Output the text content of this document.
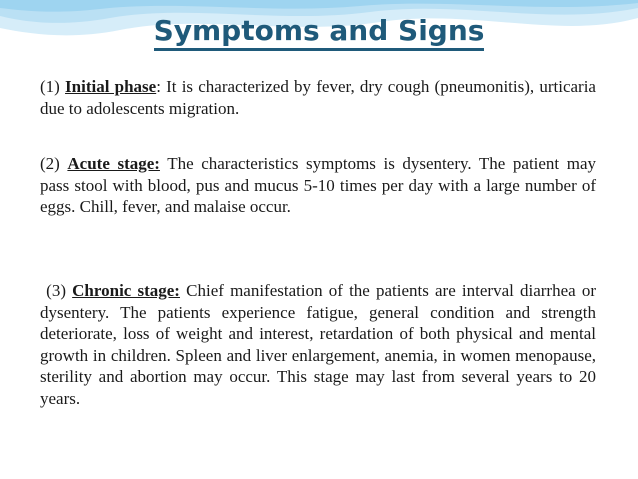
Symptoms and Signs

(1) Initial phase: It is characterized by fever, dry cough (pneumonitis), urticaria due to adolescents migration.

(2) Acute stage: The characteristics symptoms is dysentery. The patient may pass stool with blood, pus and mucus 5-10 times per day with a large number of eggs. Chill, fever, and malaise occur.

(3) Chronic stage: Chief manifestation of the patients are interval diarrhea or dysentery. The patients experience fatigue, general condition and strength deteriorate, loss of weight and interest, retardation of both physical and mental growth in children. Spleen and liver enlargement, anemia, in women menopause, sterility and abortion may occur. This stage may last from several years to 20 years.
